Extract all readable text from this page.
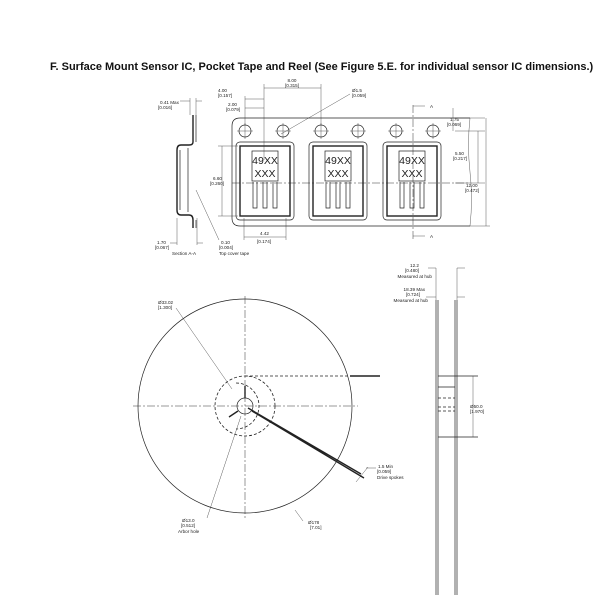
F. Surface Mount Sensor IC, Pocket Tape and Reel (See Figure 5.E. for individual sensor IC dimensions.)
49XX
XXX
49XX
XXX
49XX
XXX
A
A
8.00
[0.315]
4.00
[0.157]
2.00
[0.079]
Ø1.5
[0.059]
1.75
[0.069]
5.50
[0.217]
12.00
[0.472]
6.60
[0.260]
4.42
[0.174]
0.41 Max
[0.016]
1.70
[0.067]
0.10
[0.004]
Top cover tape
Section A-A
Ø33.02
[1.300]
Ø13.0
[0.512]
Arbor hole
Ø178
[7.01]
1.5 Min
[0.059]
Drive spokes
Ø50.0
[1.970]
12.2
[0.480]
Measured at hub
18.39 Max
[0.724]
Measured at hub
